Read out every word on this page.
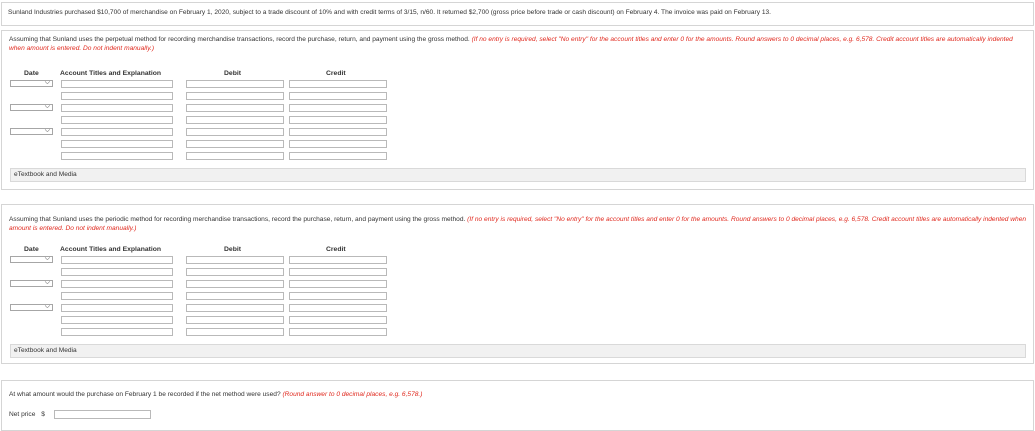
Sunland Industries purchased $10,700 of merchandise on February 1, 2020, subject to a trade discount of 10% and with credit terms of 3/15, n/60. It returned $2,700 (gross price before trade or cash discount) on February 4. The invoice was paid on February 13.
Assuming that Sunland uses the perpetual method for recording merchandise transactions, record the purchase, return, and payment using the gross method. (If no entry is required, select "No entry" for the account titles and enter 0 for the amounts. Round answers to 0 decimal places, e.g. 6,578. Credit account titles are automatically indented when amount is entered. Do not indent manually.)
Date	Account Titles and Explanation	Debit	Credit
⌵
⌵
⌵
eTextbook and Media
Assuming that Sunland uses the periodic method for recording merchandise transactions, record the purchase, return, and payment using the gross method. (If no entry is required, select "No entry" for the account titles and enter 0 for the amounts. Round answers to 0 decimal places, e.g. 6,578. Credit account titles are automatically indented when amount is entered. Do not indent manually.)
Date	Account Titles and Explanation	Debit	Credit
⌵
⌵
⌵
eTextbook and Media
At what amount would the purchase on February 1 be recorded if the net method were used? (Round answer to 0 decimal places, e.g. 6,578.)
Net price $
